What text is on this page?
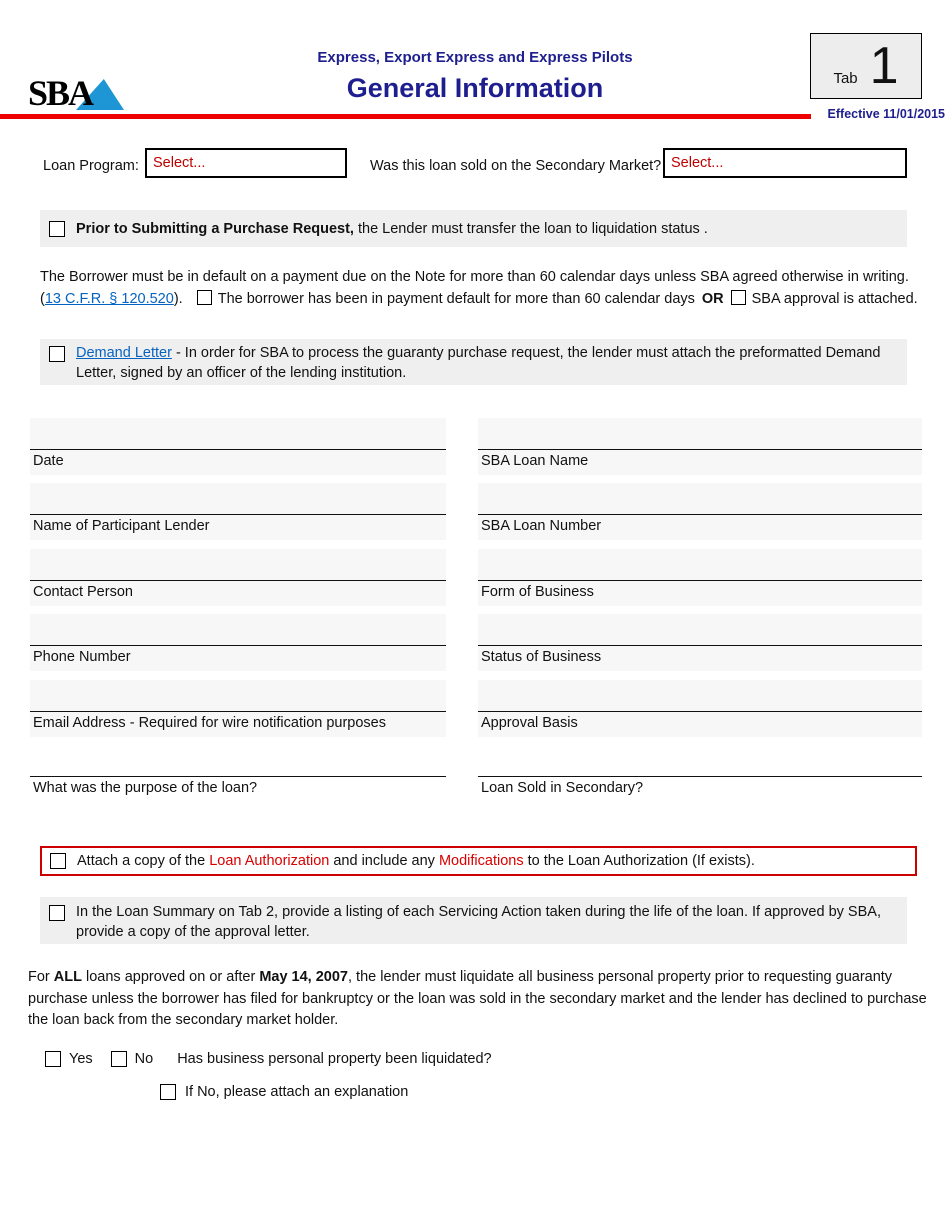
SBA
Express, Export Express and Express Pilots
General Information	Tab 1
Effective 11/01/2015
Loan Program: Select...	Was this loan sold on the Secondary Market? Select...
Prior to Submitting a Purchase Request, the Lender must transfer the loan to liquidation status .
The Borrower must be in default on a payment due on the Note for more than 60 calendar days unless SBA agreed otherwise in writing.
(13 C.F.R. § 120.520). The borrower has been in payment default for more than 60 calendar days OR SBA approval is attached.
Demand Letter - In order for SBA to process the guaranty purchase request, the lender must attach the preformatted Demand Letter, signed by an officer of the lending institution.
Date	SBA Loan Name
Name of Participant Lender	SBA Loan Number
Contact Person	Form of Business
Phone Number	Status of Business
Email Address - Required for wire notification purposes	Approval Basis
What was the purpose of the loan?	Loan Sold in Secondary?
Attach a copy of the Loan Authorization and include any Modifications to the Loan Authorization (If exists).
In the Loan Summary on Tab 2, provide a listing of each Servicing Action taken during the life of the loan. If approved by SBA, provide a copy of the approval letter.
For ALL loans approved on or after May 14, 2007, the lender must liquidate all business personal property prior to requesting guaranty purchase unless the borrower has filed for bankruptcy or the loan was sold in the secondary market and the lender has declined to purchase the loan back from the secondary market holder.
Yes	No Has business personal property been liquidated?
If No, please attach an explanation
